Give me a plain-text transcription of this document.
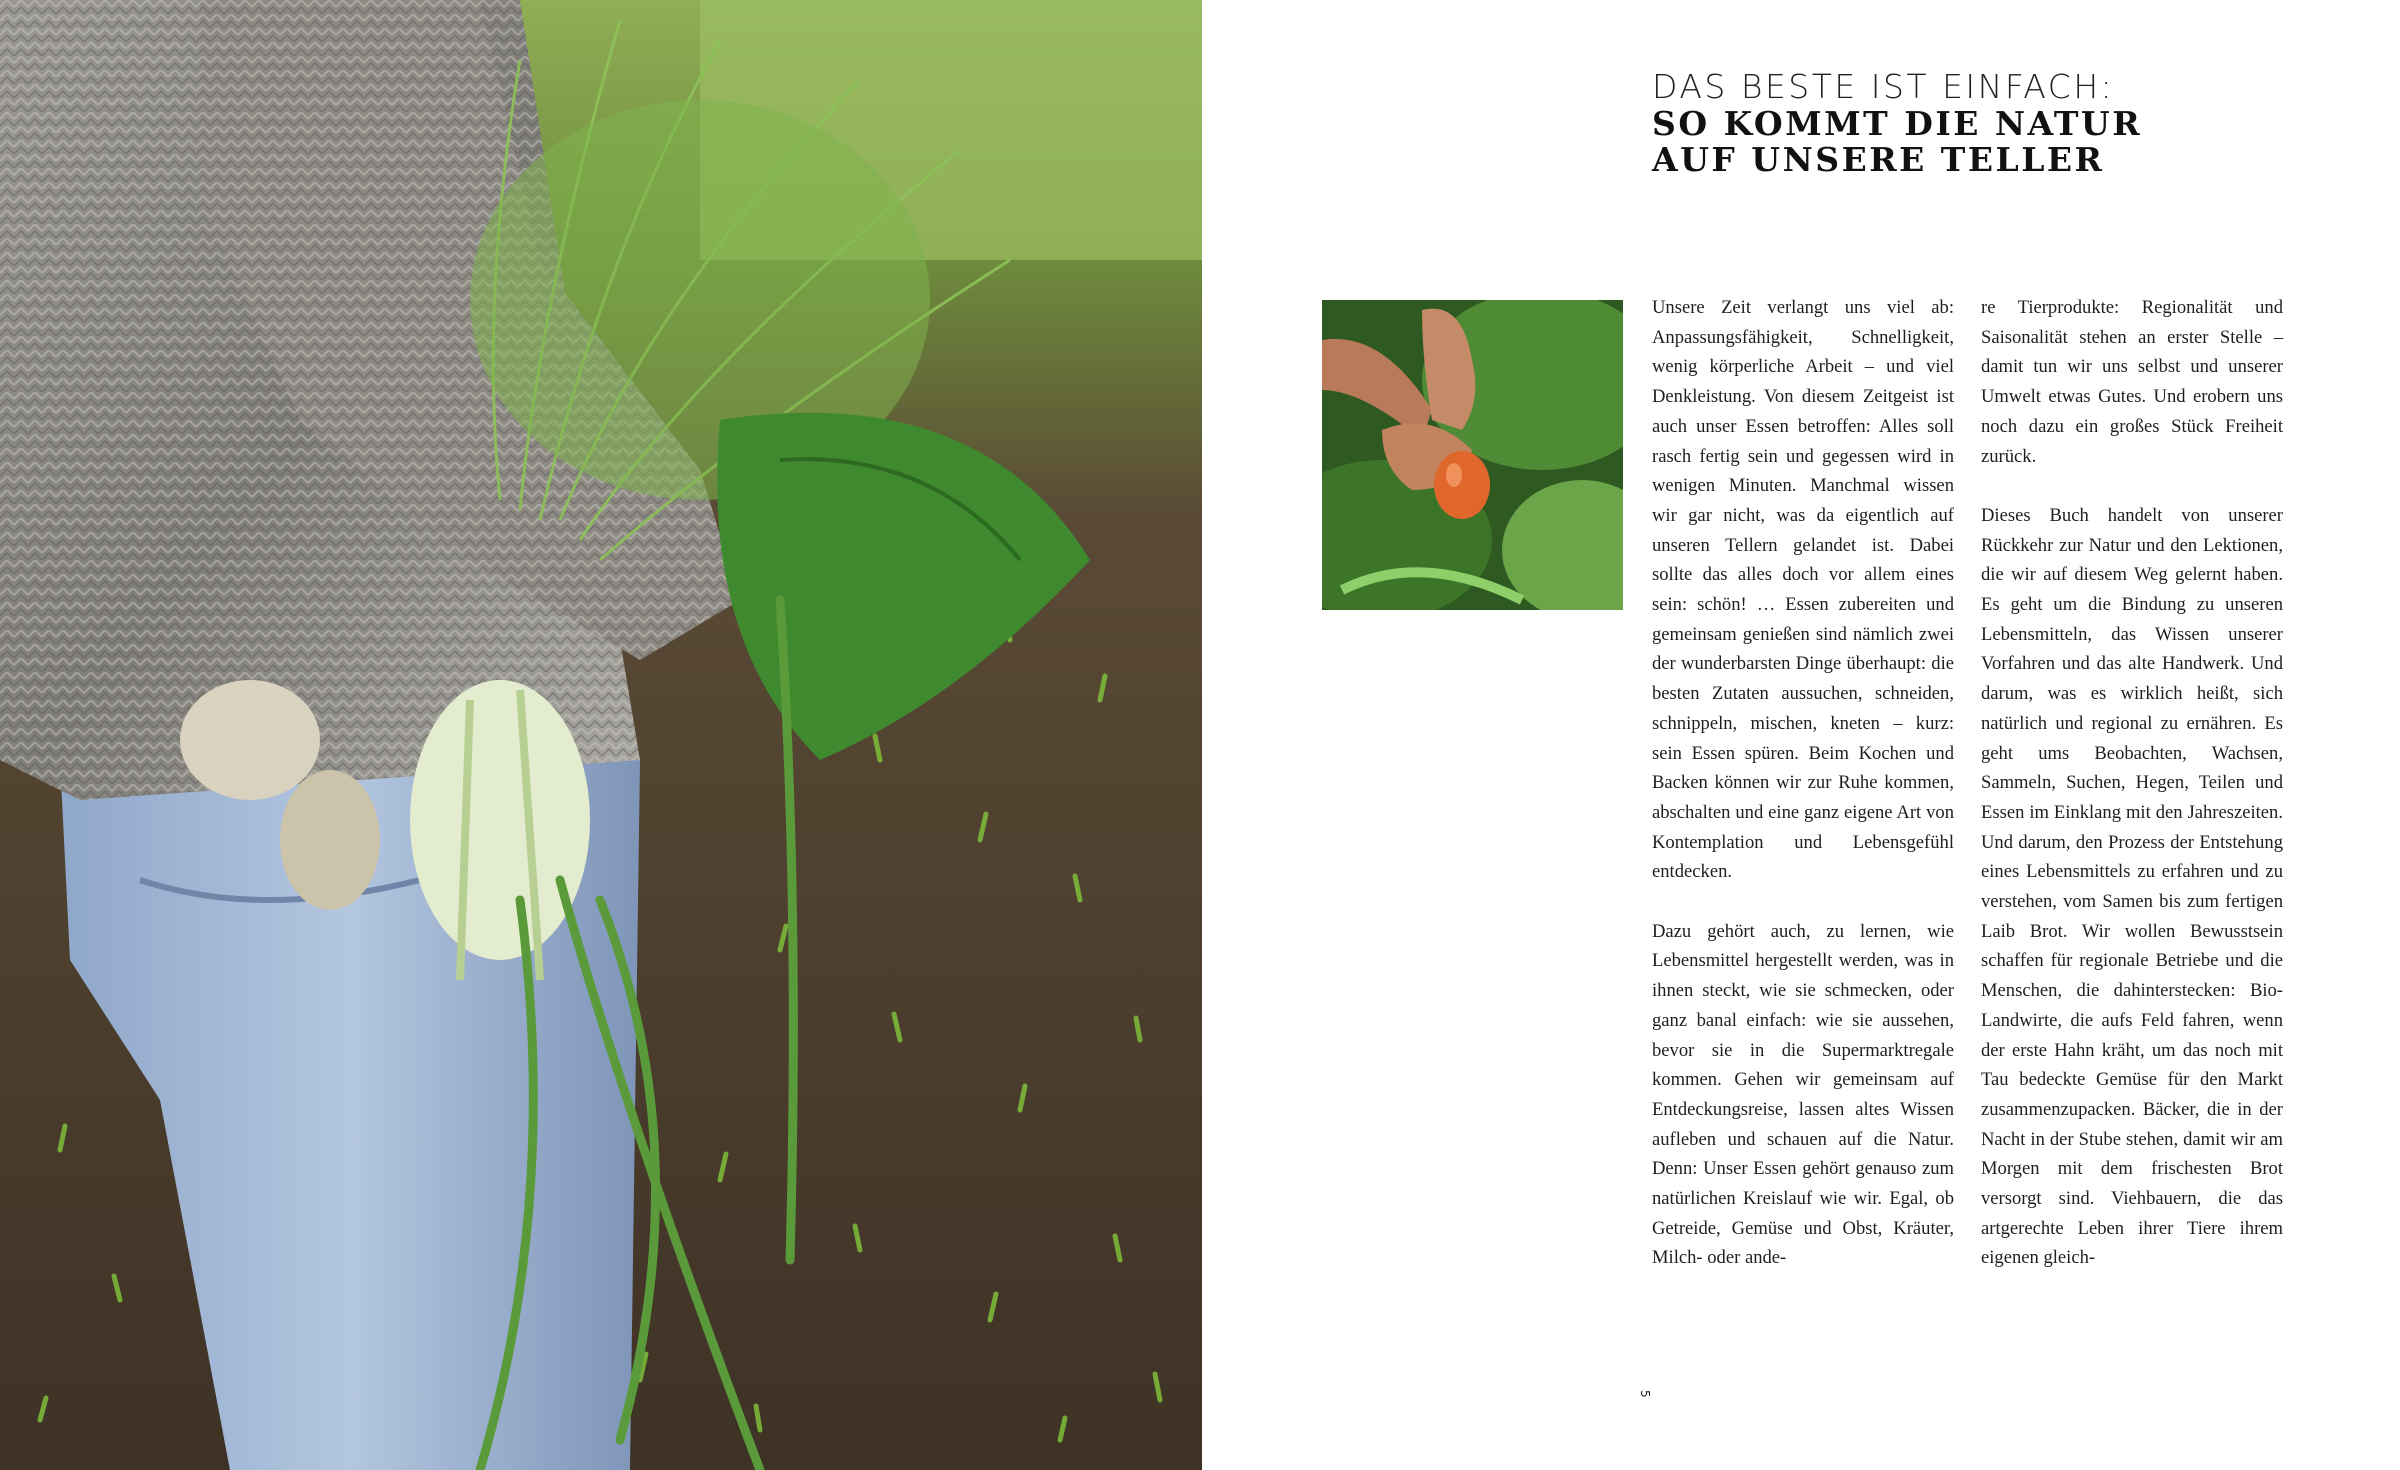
DAS BESTE IST EINFACH:
SO KOMMT DIE NATUR
AUF UNSERE TELLER

Unsere Zeit verlangt uns viel ab: Anpassungsfähigkeit, Schnelligkeit, wenig körperliche Arbeit – und viel Denkleistung. Von diesem Zeitgeist ist auch unser Essen betroffen: Alles soll rasch fertig sein und gegessen wird in wenigen Minuten. Manchmal wissen wir gar nicht, was da eigentlich auf unseren Tellern gelandet ist. Dabei sollte das alles doch vor allem eines sein: schön! … Essen zubereiten und gemeinsam genießen sind nämlich zwei der wunderbarsten Dinge überhaupt: die besten Zutaten aussuchen, schneiden, schnippeln, mischen, kneten – kurz: sein Essen spüren. Beim Kochen und Backen können wir zur Ruhe kommen, abschalten und eine ganz eigene Art von Kontemplation und Lebensgefühl entdecken.

Dazu gehört auch, zu lernen, wie Lebensmittel hergestellt werden, was in ihnen steckt, wie sie schmecken, oder ganz banal einfach: wie sie aussehen, bevor sie in die Supermarktregale kommen. Gehen wir gemeinsam auf Entdeckungsreise, lassen altes Wissen aufleben und schauen auf die Natur. Denn: Unser Essen gehört genauso zum natürlichen Kreislauf wie wir. Egal, ob Getreide, Gemüse und Obst, Kräuter, Milch- oder ande-

re Tierprodukte: Regionalität und Saisonalität stehen an erster Stelle – damit tun wir uns selbst und unserer Umwelt etwas Gutes. Und erobern uns noch dazu ein großes Stück Freiheit zurück.

Dieses Buch handelt von unserer Rückkehr zur Natur und den Lektionen, die wir auf diesem Weg gelernt haben. Es geht um die Bindung zu unseren Lebensmitteln, das Wissen unserer Vorfahren und das alte Handwerk. Und darum, was es wirklich heißt, sich natürlich und regional zu ernähren. Es geht ums Beobachten, Wachsen, Sammeln, Suchen, Hegen, Teilen und Essen im Einklang mit den Jahreszeiten. Und darum, den Prozess der Entstehung eines Lebensmittels zu erfahren und zu verstehen, vom Samen bis zum fertigen Laib Brot. Wir wollen Bewusstsein schaffen für regionale Betriebe und die Menschen, die dahinterstecken: Bio-Landwirte, die aufs Feld fahren, wenn der erste Hahn kräht, um das noch mit Tau bedeckte Gemüse für den Markt zusammenzupacken. Bäcker, die in der Nacht in der Stube stehen, damit wir am Morgen mit dem frischesten Brot versorgt sind. Viehbauern, die das artgerechte Leben ihrer Tiere ihrem eigenen gleich-

5
